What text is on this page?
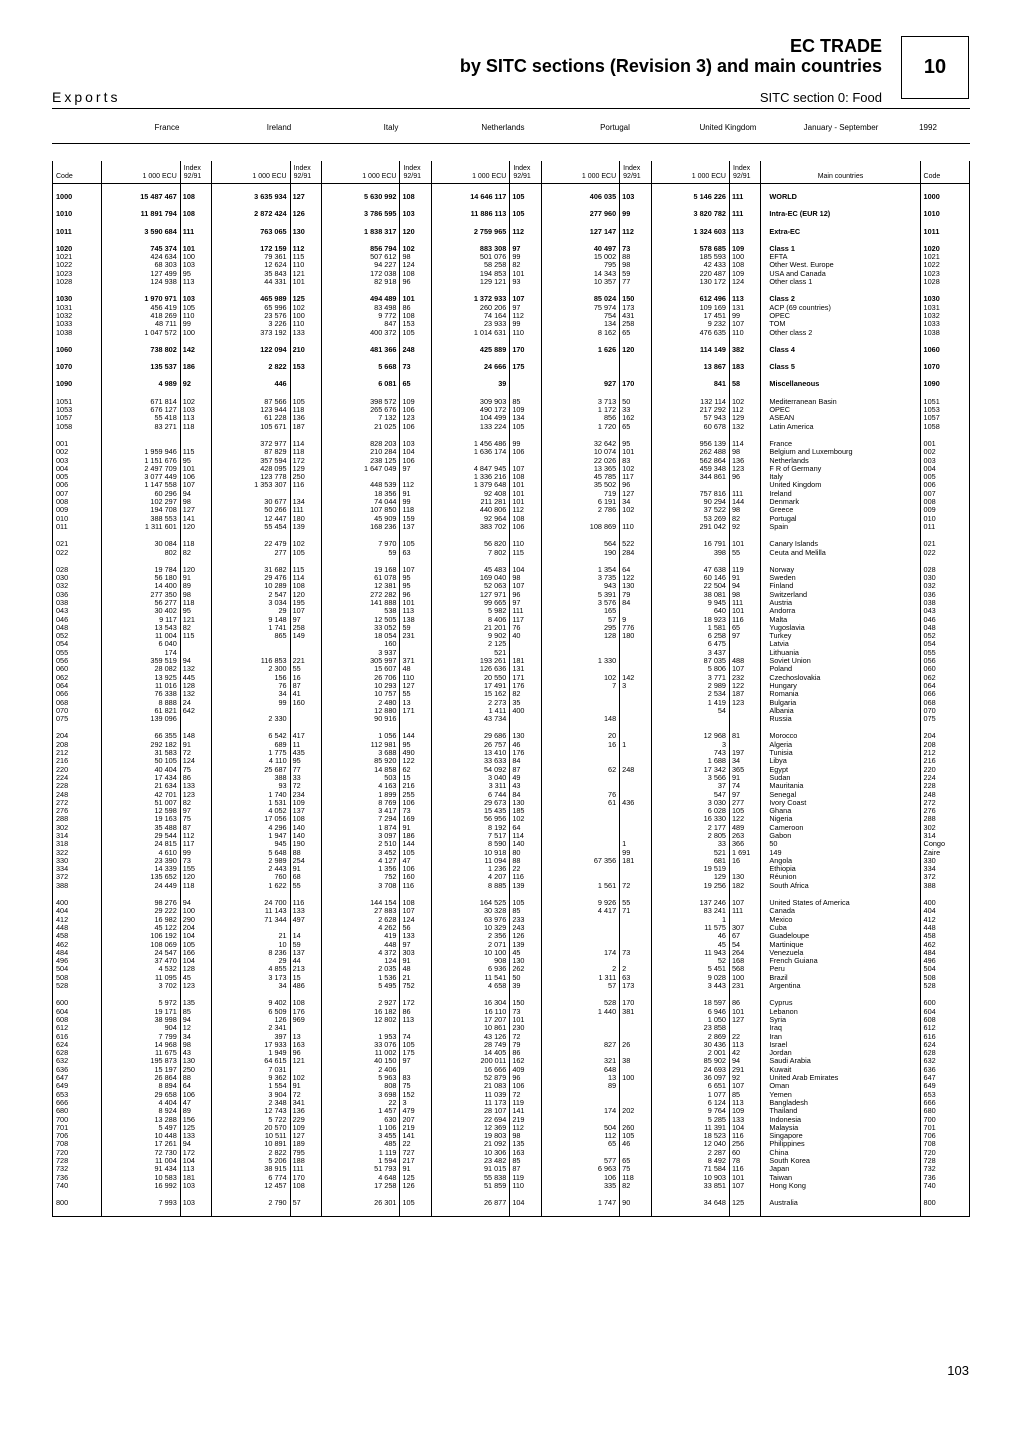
EC TRADE
by SITC sections (Revision 3) and main countries 10
Exports	SITC section 0: Food
France	Ireland	Italy	Netherlands	Portugal	United Kingdom	January - September	1992
Code	1 000 ECU	Index
92/91	1 000 ECU	Index
92/91	1 000 ECU	Index
92/91	1 000 ECU	Index
92/91	1 000 ECU	Index
92/91	1 000 ECU	Index
92/91	Main countries	Code

1000	15 487 467	108	3 635 934	127	5 630 992	108	14 646 117	105	406 035	103	5 146 226	111	WORLD	1000

1010	11 891 794	108	2 872 424	126	3 786 595	103	11 886 113	105	277 960	99	3 820 782	111	Intra-EC (EUR 12)	1010

1011	3 590 684	111	763 065	130	1 838 317	120	2 759 965	112	127 147	112	1 324 603	113	Extra-EC	1011

1020	745 374	101	172 159	112	856 794	102	883 308	97	40 497	73	578 685	109	Class 1	1020
1021	424 634	100	79 361	115	507 612	98	501 076	99	15 002	88	185 593	100	EFTA	1021
1022	68 303	103	12 624	110	94 227	124	58 258	82	795	98	42 433	108	Other West. Europe	1022
1023	127 499	95	35 843	121	172 038	108	194 853	101	14 343	59	220 487	109	USA and Canada	1023
1028	124 938	113	44 331	101	82 918	96	129 121	93	10 357	77	130 172	124	Other class 1	1028

1030	1 970 971	103	465 989	125	494 489	101	1 372 933	107	85 024	150	612 496	113	Class 2	1030
1031	456 419	105	65 996	102	83 498	86	260 206	97	75 974	173	109 169	131	ACP (69 countries)	1031
1032	418 269	110	23 576	100	9 772	108	74 164	112	754	431	17 451	99	OPEC	1032
1033	48 711	99	3 226	110	847	153	23 933	99	134	258	9 232	107	TOM	1033
1038	1 047 572	100	373 192	133	400 372	105	1 014 631	110	8 162	65	476 635	110	Other class 2	1038

1060	738 802	142	122 094	210	481 366	248	425 889	170	1 626	120	114 149	382	Class 4	1060

1070	135 537	186	2 822	153	5 668	73	24 666	175			13 867	183	Class 5	1070

1090	4 989	92	446		6 081	65	39		927	170	841	58	Miscellaneous	1090

1051	671 814	102	87 566	105	398 572	109	309 903	85	3 713	50	132 114	102	Mediterranean Basin	1051
1053	676 127	103	123 944	118	265 676	106	490 172	109	1 172	33	217 292	112	OPEC	1053
1057	55 418	113	61 228	136	7 132	123	104 499	134	856	162	57 943	129	ASEAN	1057
1058	83 271	118	105 671	187	21 025	106	133 224	105	1 720	65	60 678	132	Latin America	1058

001			372 977	114	828 203	103	1 456 486	99	32 642	95	956 139	114	France	001
002	1 959 946	115	87 829	118	210 284	104	1 636 174	106	10 074	101	262 488	98	Belgium and Luxembourg	002
003	1 151 676	95	357 594	172	238 125	106			22 026	83	562 864	136	Netherlands	003
004	2 497 709	101	428 095	129	1 647 049	97	4 847 945	107	13 365	102	459 348	123	F R of Germany	004
005	3 077 449	106	123 778	250			1 336 216	108	45 785	117	344 861	96	Italy	005
006	1 147 558	107	1 353 307	116	448 539	112	1 379 648	101	35 502	96			United Kingdom	006
007	60 296	94			18 356	91	92 408	101	719	127	757 816	111	Ireland	007
008	102 297	98	30 677	134	74 044	99	211 281	101	6 191	34	90 294	144	Denmark	008
009	194 708	127	50 266	111	107 850	118	440 806	112	2 786	102	37 522	98	Greece	009
010	388 553	141	12 447	180	45 909	159	92 964	108			53 269	82	Portugal	010
011	1 311 601	120	55 454	139	168 236	137	383 702	106	108 869	110	291 042	92	Spain	011

021	30 084	118	22 479	102	7 970	105	56 820	110	564	522	16 791	101	Canary Islands	021
022	802	82	277	105	59	63	7 802	115	190	284	398	55	Ceuta and Melilla	022

028	19 784	120	31 682	115	19 168	107	45 483	104	1 354	64	47 638	119	Norway	028
030	56 180	91	29 476	114	61 078	95	169 040	98	3 735	122	60 146	91	Sweden	030
032	14 400	89	10 289	108	12 381	95	52 063	107	943	130	22 504	94	Finland	032
036	277 350	98	2 547	120	272 282	96	127 971	96	5 391	79	38 081	98	Switzerland	036
038	56 277	118	3 034	195	141 888	101	99 665	97	3 576	84	9 945	111	Austria	038
043	30 402	95	29	107	538	113	5 982	111	165		640	101	Andorra	043
046	9 117	121	9 148	97	12 505	138	8 406	117	57	9	18 923	116	Malta	046
048	13 543	82	1 741	258	33 052	59	21 201	76	295	776	1 581	65	Yugoslavia	048
052	11 004	115	865	149	18 054	231	9 902	40	128	180	6 258	97	Turkey	052
054	6 040				160		2 125				6 475		Latvia	054
055	174				3 937		521				3 437		Lithuania	055
056	359 519	94	116 853	221	305 997	371	193 261	181	1 330		87 035	488	Soviet Union	056
060	28 082	132	2 300	55	15 607	48	126 636	131			5 806	107	Poland	060
062	13 925	445	156	16	26 706	110	20 550	171	102	142	3 771	232	Czechoslovakia	062
064	11 016	128	76	87	10 293	127	17 491	176	7	3	2 989	122	Hungary	064
066	76 338	132	34	41	10 757	55	15 162	82			2 534	187	Romania	066
068	8 888	24	99	160	2 480	13	2 273	35			1 419	123	Bulgaria	068
070	61 821	642			12 880	171	1 411	400			54		Albania	070
075	139 096		2 330		90 916		43 734		148				Russia	075

204	66 355	148	6 542	417	1 056	144	29 686	130	20		12 968	81	Morocco	204
208	292 182	91	689	11	112 981	95	26 757	46	16	1	3		Algeria	208
212	31 583	72	1 775	435	3 688	490	13 410	176			743	197	Tunisia	212
216	50 105	124	4 110	95	85 920	122	33 633	84			1 688	34	Libya	216
220	40 404	75	25 687	77	14 858	62	54 092	87	62	248	17 342	365	Egypt	220
224	17 434	86	388	33	503	15	3 040	49			3 566	91	Sudan	224
228	21 634	133	93	72	4 163	216	3 311	43			37	74	Mauritania	228
248	42 701	123	1 740	234	1 899	255	6 744	84	76		547	97	Senegal	248
272	51 007	82	1 531	109	8 769	106	29 673	130	61	436	3 030	277	Ivory Coast	272
276	12 598	97	4 052	137	3 417	73	15 435	185			6 028	105	Ghana	276
288	19 163	75	17 056	108	7 294	169	56 956	102			16 330	122	Nigeria	288
302	35 488	87	4 296	140	1 874	91	8 192	64			2 177	489	Cameroon	302
314	29 544	112	1 947	140	3 097	186	7 517	114			2 805	263	Gabon	314
318	24 815	117	945	190	2 510	144	8 590	140		1	33	366	50	Congo
322	4 610	99	5 648	88	3 452	105	10 918	80		99	521	1 691	149	Zaire
330	23 390	73	2 989	254	4 127	47	11 094	88	67 356	181	681	16	Angola	330
334	14 339	155	2 443	91	1 356	106	1 236	22			19 519		Ethiopia	334
372	135 652	120	760	68	752	160	4 207	116			129	130	Réunion	372
388	24 449	118	1 622	55	3 708	116	8 885	139	1 561	72	19 256	182	South Africa	388

400	98 276	94	24 700	116	144 154	108	164 525	105	9 926	55	137 246	107	United States of America	400
404	29 222	100	11 143	133	27 883	107	30 328	85	4 417	71	83 241	111	Canada	404
412	16 982	290	71 344	497	2 628	124	63 976	233			1		Mexico	412
448	45 122	204			4 262	56	10 329	243			11 575	307	Cuba	448
458	106 192	104	21	14	419	133	2 356	126			46	67	Guadeloupe	458
462	108 069	105	10	59	448	97	2 071	139			45	54	Martinique	462
484	24 547	166	8 236	137	4 372	303	10 100	45	174	73	11 943	264	Venezuela	484
496	37 470	104	29	44	124	91	908	130			52	168	French Guiana	496
504	4 532	128	4 855	213	2 035	48	6 936	262	2	2	5 451	568	Peru	504
508	11 095	45	3 173	15	1 536	21	11 541	50	1 311	63	9 028	100	Brazil	508
528	3 702	123	34	486	5 495	752	4 658	39	57	173	3 443	231	Argentina	528

600	5 972	135	9 402	108	2 927	172	16 304	150	528	170	18 597	86	Cyprus	600
604	19 171	85	6 509	176	16 182	86	16 110	73	1 440	381	6 946	101	Lebanon	604
608	38 998	94	126	969	12 802	113	17 207	101			1 050	127	Syria	608
612	904	12	2 341				10 861	230			23 858		Iraq	612
616	7 799	34	397	13	1 953	74	43 126	72			2 869	22	Iran	616
624	14 968	98	17 933	163	33 076	105	28 749	79	827	26	30 436	113	Israel	624
628	11 675	43	1 949	96	11 002	175	14 405	86			2 001	42	Jordan	628
632	195 873	130	64 615	121	40 150	97	200 011	162	321	38	85 902	94	Saudi Arabia	632
636	15 197	250	7 031		2 406		16 666	409	648		24 693	291	Kuwait	636
647	26 864	88	9 362	102	5 963	83	52 879	96	13	100	36 097	92	United Arab Emirates	647
649	8 894	64	1 554	91	808	75	21 083	106	89		6 651	107	Oman	649
653	29 658	106	3 904	72	3 698	152	11 039	72			1 077	85	Yemen	653
666	4 404	47	2 348	341	22	3	11 173	119			6 124	113	Bangladesh	666
680	8 924	89	12 743	136	1 457	479	28 107	141	174	202	9 764	109	Thailand	680
700	13 288	156	5 722	229	630	207	22 694	219			5 285	133	Indonesia	700
701	5 497	125	20 570	109	1 106	219	12 369	112	504	260	11 391	104	Malaysia	701
706	10 448	133	10 511	127	3 455	141	19 803	98	112	105	18 523	116	Singapore	706
708	17 261	94	10 891	189	485	22	21 092	135	65	46	12 040	256	Philippines	708
720	72 730	172	2 822	795	1 119	727	10 306	163			2 287	60	China	720
728	11 004	104	5 206	188	1 594	217	23 482	85	577	65	8 492	78	South Korea	728
732	91 434	113	38 915	111	51 793	91	91 015	87	6 963	75	71 584	116	Japan	732
736	10 583	181	6 774	170	4 648	125	55 838	119	106	118	10 903	101	Taiwan	736
740	16 992	103	12 457	108	17 258	126	51 859	110	335	82	33 851	107	Hong Kong	740

800	7 993	103	2 790	57	26 301	105	26 877	104	1 747	90	34 648	125	Australia	800

103
